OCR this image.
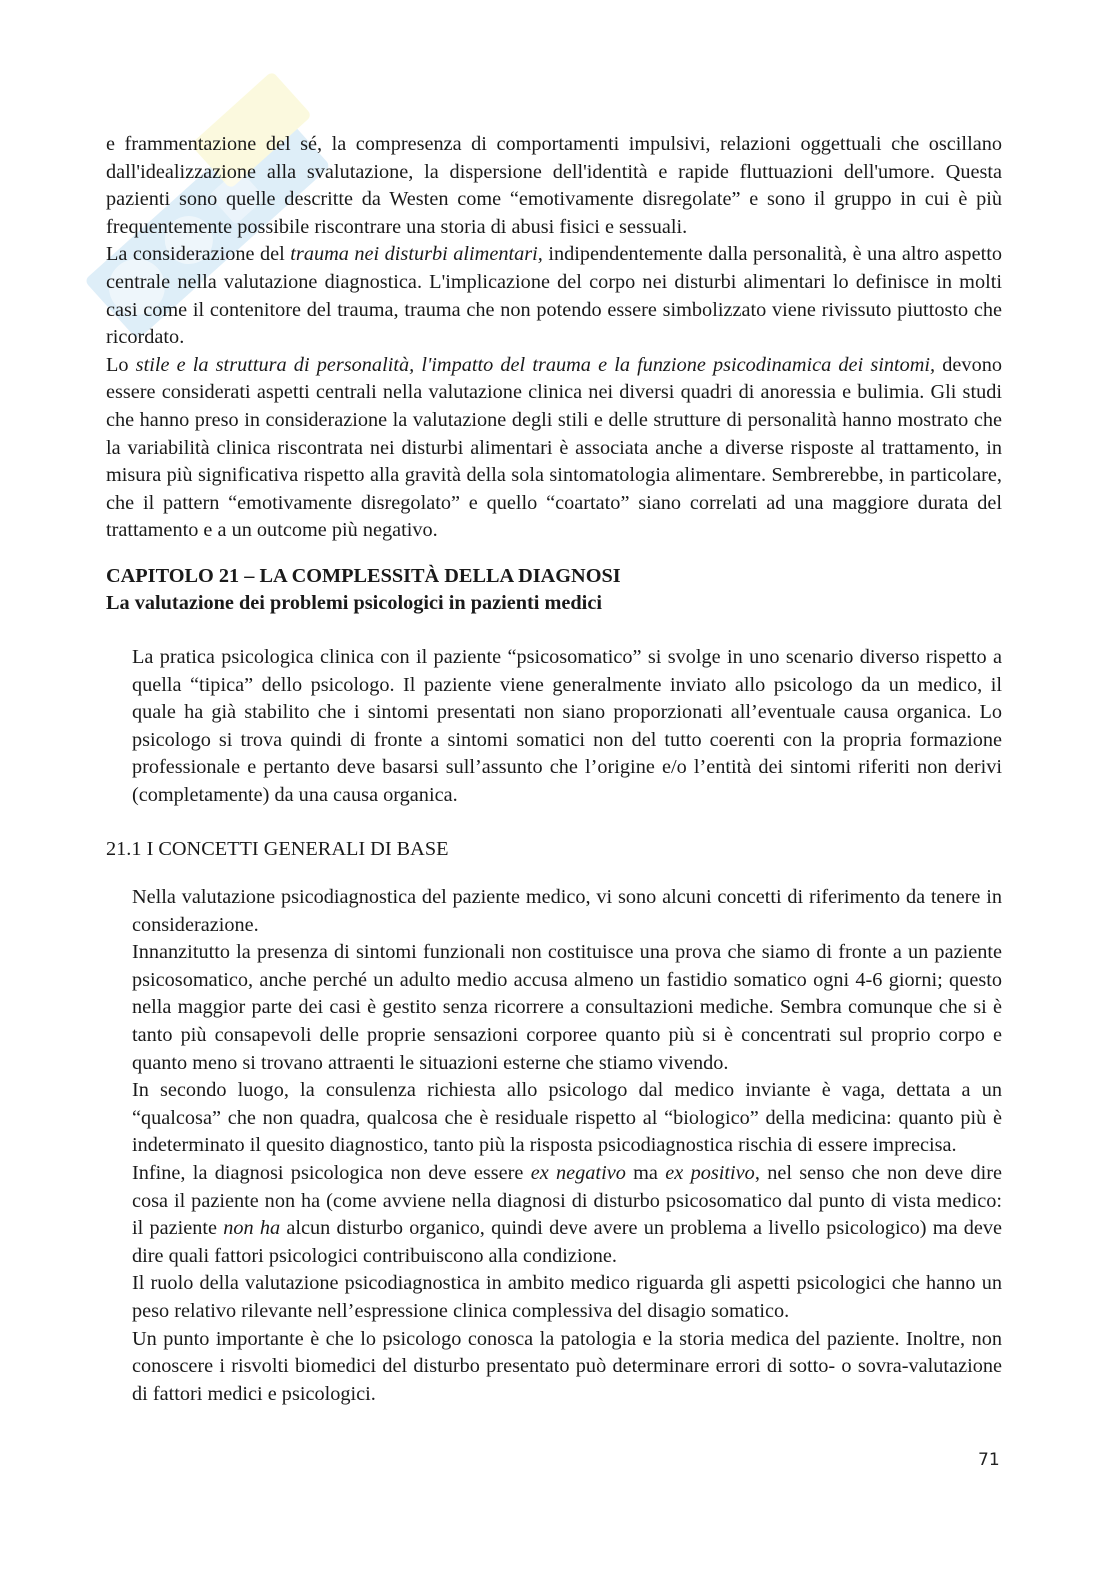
e frammentazione del sé, la compresenza di comportamenti impulsivi, relazioni oggettuali che oscillano dall'idealizzazione alla svalutazione, la dispersione dell'identità e rapide fluttuazioni dell'umore. Questa pazienti sono quelle descritte da Westen come “emotivamente disregolate” e sono il gruppo in cui è più frequentemente possibile riscontrare una storia di abusi fisici e sessuali.

La considerazione del trauma nei disturbi alimentari, indipendentemente dalla personalità, è una altro aspetto centrale nella valutazione diagnostica. L'implicazione del corpo nei disturbi alimentari lo definisce in molti casi come il contenitore del trauma, trauma che non potendo essere simbolizzato viene rivissuto piuttosto che ricordato.

Lo stile e la struttura di personalità, l'impatto del trauma e la funzione psicodinamica dei sintomi, devono essere considerati aspetti centrali nella valutazione clinica nei diversi quadri di anoressia e bulimia. Gli studi che hanno preso in considerazione la valutazione degli stili e delle strutture di personalità hanno mostrato che la variabilità clinica riscontrata nei disturbi alimentari è associata anche a diverse risposte al trattamento, in misura più significativa rispetto alla gravità della sola sintomatologia alimentare. Sembrerebbe, in particolare, che il pattern “emotivamente disregolato” e quello “coartato” siano correlati ad una maggiore durata del trattamento e a un outcome più negativo.

CAPITOLO 21 – LA COMPLESSITÀ DELLA DIAGNOSI
La valutazione dei problemi psicologici in pazienti medici

La pratica psicologica clinica con il paziente “psicosomatico” si svolge in uno scenario diverso rispetto a quella “tipica” dello psicologo. Il paziente viene generalmente inviato allo psicologo da un medico, il quale ha già stabilito che i sintomi presentati non siano proporzionati all’eventuale causa organica. Lo psicologo si trova quindi di fronte a sintomi somatici non del tutto coerenti con la propria formazione professionale e pertanto deve basarsi sull’assunto che l’origine e/o l’entità dei sintomi riferiti non derivi (completamente) da una causa organica.

21.1 I CONCETTI GENERALI DI BASE

Nella valutazione psicodiagnostica del paziente medico, vi sono alcuni concetti di riferimento da tenere in considerazione.

Innanzitutto la presenza di sintomi funzionali non costituisce una prova che siamo di fronte a un paziente psicosomatico, anche perché un adulto medio accusa almeno un fastidio somatico ogni 4-6 giorni; questo nella maggior parte dei casi è gestito senza ricorrere a consultazioni mediche. Sembra comunque che si è tanto più consapevoli delle proprie sensazioni corporee quanto più si è concentrati sul proprio corpo e quanto meno si trovano attraenti le situazioni esterne che stiamo vivendo.

In secondo luogo, la consulenza richiesta allo psicologo dal medico inviante è vaga, dettata a un “qualcosa” che non quadra, qualcosa che è residuale rispetto al “biologico” della medicina: quanto più è indeterminato il quesito diagnostico, tanto più la risposta psicodiagnostica rischia di essere imprecisa.

Infine, la diagnosi psicologica non deve essere ex negativo ma ex positivo, nel senso che non deve dire cosa il paziente non ha (come avviene nella diagnosi di disturbo psicosomatico dal punto di vista medico: il paziente non ha alcun disturbo organico, quindi deve avere un problema a livello psicologico) ma deve dire quali fattori psicologici contribuiscono alla condizione.

Il ruolo della valutazione psicodiagnostica in ambito medico riguarda gli aspetti psicologici che hanno un peso relativo rilevante nell’espressione clinica complessiva del disagio somatico.

Un punto importante è che lo psicologo conosca la patologia e la storia medica del paziente. Inoltre, non conoscere i risvolti biomedici del disturbo presentato può determinare errori di sotto- o sovra-valutazione di fattori medici e psicologici.

71
